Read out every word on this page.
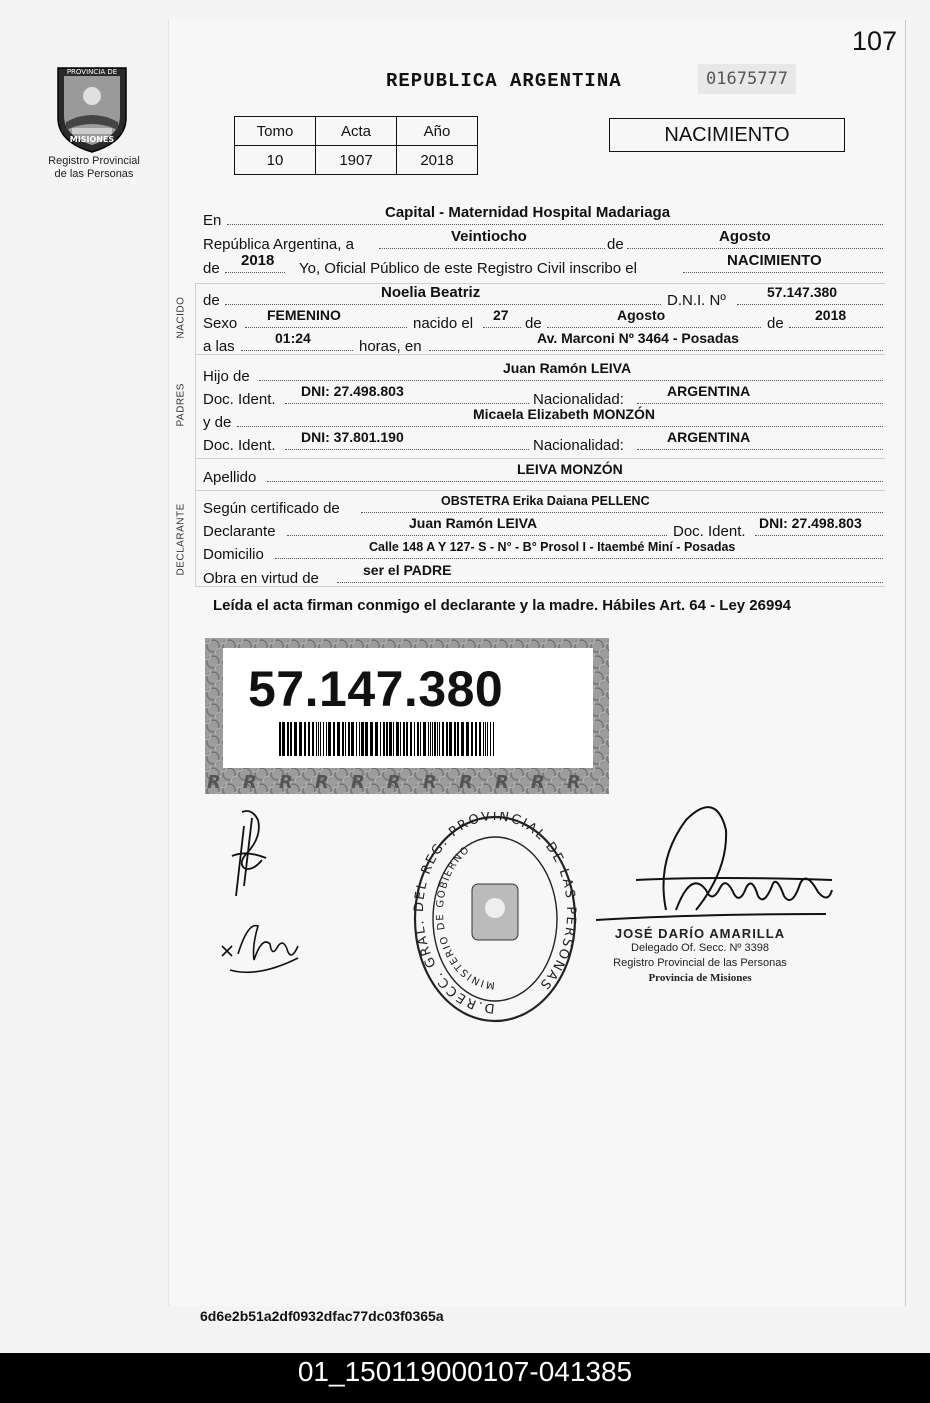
107
PROVINCIA DE
MISIONES
Registro Provincial
de las Personas
REPUBLICA ARGENTINA	01675777
Tomo	Acta	Año
10	1907	2018
NACIMIENTO
NACIDO
PADRES
DECLARANTE
En	Capital - Maternidad Hospital Madariaga
República Argentina, a	Veintiocho	de	Agosto
de 2018 Yo, Oficial Público de este Registro Civil inscribo el	NACIMIENTO
de	Noelia Beatriz	D.N.I. Nº	57.147.380
Sexo FEMENINO	nacido el 27 de	Agosto	de 2018
a las	01:24	horas, en	Av. Marconi Nº 3464 - Posadas
Hijo de	Juan Ramón LEIVA
Doc. Ident. DNI: 27.498.803	Nacionalidad:	ARGENTINA
y de	Micaela Elizabeth MONZÓN
Doc. Ident. DNI: 37.801.190	Nacionalidad:	ARGENTINA
Apellido	LEIVA MONZÓN
Según certificado de	OBSTETRA Erika Daiana PELLENC
Declarante	Juan Ramón LEIVA	Doc. Ident. DNI: 27.498.803
Domicilio	Calle 148 A Y 127- S - N° - B° Prosol I - Itaembé Miní - Posadas
Obra en virtud de	ser el PADRE
Leída el acta firman conmigo el declarante y la madre. Hábiles Art. 64 - Ley 26994
R R R R R R R R R R R
57.147.380
D.RECC. GRAL. DEL REG. PROVINCIAL DE LAS PERSONAS
MINISTERIO DE GOBIERNO
JOSÉ DARÍO AMARILLA
Delegado Of. Secc. Nº 3398
Registro Provincial de las Personas
Provincia de Misiones
6d6e2b51a2df0932dfac77dc03f0365a
01_150119000107-041385
